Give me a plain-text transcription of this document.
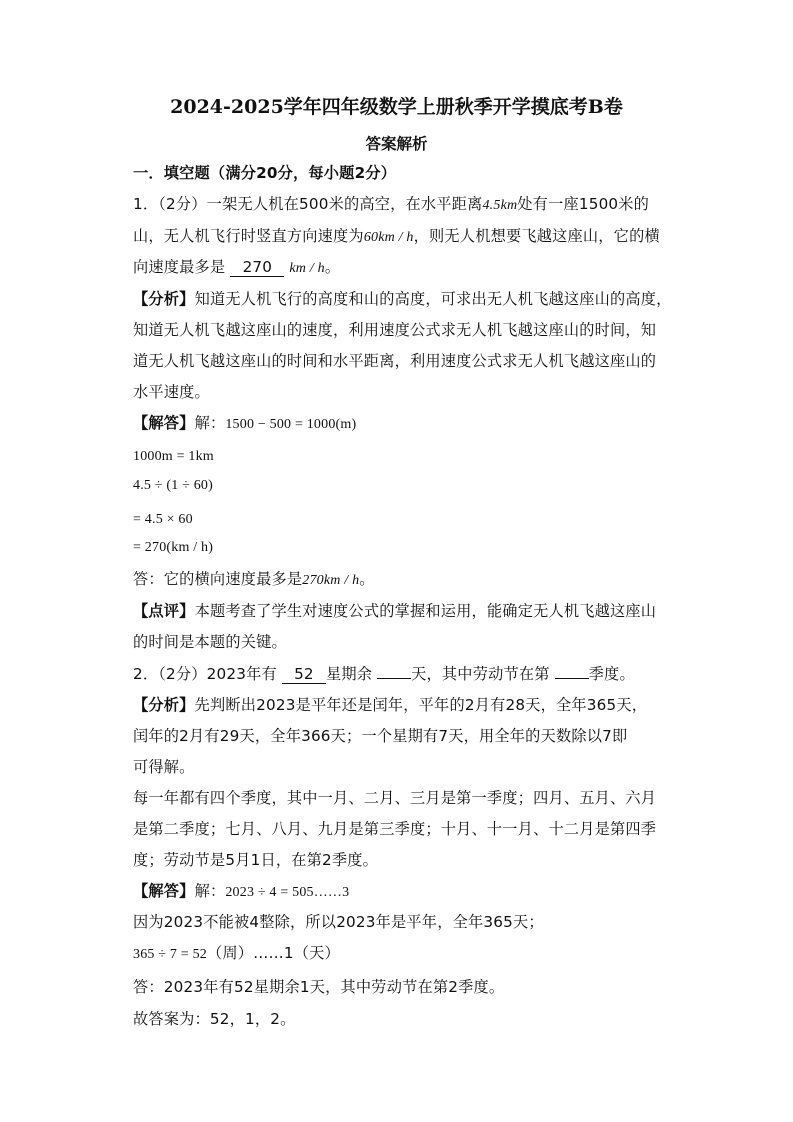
2024-2025学年四年级数学上册秋季开学摸底考B卷
答案解析
一．填空题（满分20分，每小题2分）
1．（2分）一架无人机在500米的高空，在水平距离4.5km处有一座1500米的
山，无人机飞行时竖直方向速度为60km / h，则无人机想要飞越这座山，它的横
向速度最多是 270 km / h。
【分析】知道无人机飞行的高度和山的高度，可求出无人机飞越这座山的高度，
知道无人机飞越这座山的速度，利用速度公式求无人机飞越这座山的时间，知
道无人机飞越这座山的时间和水平距离，利用速度公式求无人机飞越这座山的
水平速度。
【解答】解：1500 − 500 = 1000(m)
1000m = 1km
4.5 ÷ (1 ÷ 60)
= 4.5 × 60
= 270(km / h)
答：它的横向速度最多是270km / h。
【点评】本题考查了学生对速度公式的掌握和运用，能确定无人机飞越这座山
的时间是本题的关键。
2．（2分）2023年有 52 星期余	天，其中劳动节在第	季度。
【分析】先判断出2023是平年还是闰年，平年的2月有28天，全年365天，
闰年的2月有29天，全年366天；一个星期有7天，用全年的天数除以7即
可得解。
每一年都有四个季度，其中一月、二月、三月是第一季度；四月、五月、六月
是第二季度；七月、八月、九月是第三季度；十月、十一月、十二月是第四季
度；劳动节是5月1日，在第2季度。
【解答】解：2023 ÷ 4 = 505……3
因为2023不能被4整除，所以2023年是平年，全年365天；
365 ÷ 7 = 52（周）……1（天）
答：2023年有52星期余1天，其中劳动节在第2季度。
故答案为：52，1，2。
